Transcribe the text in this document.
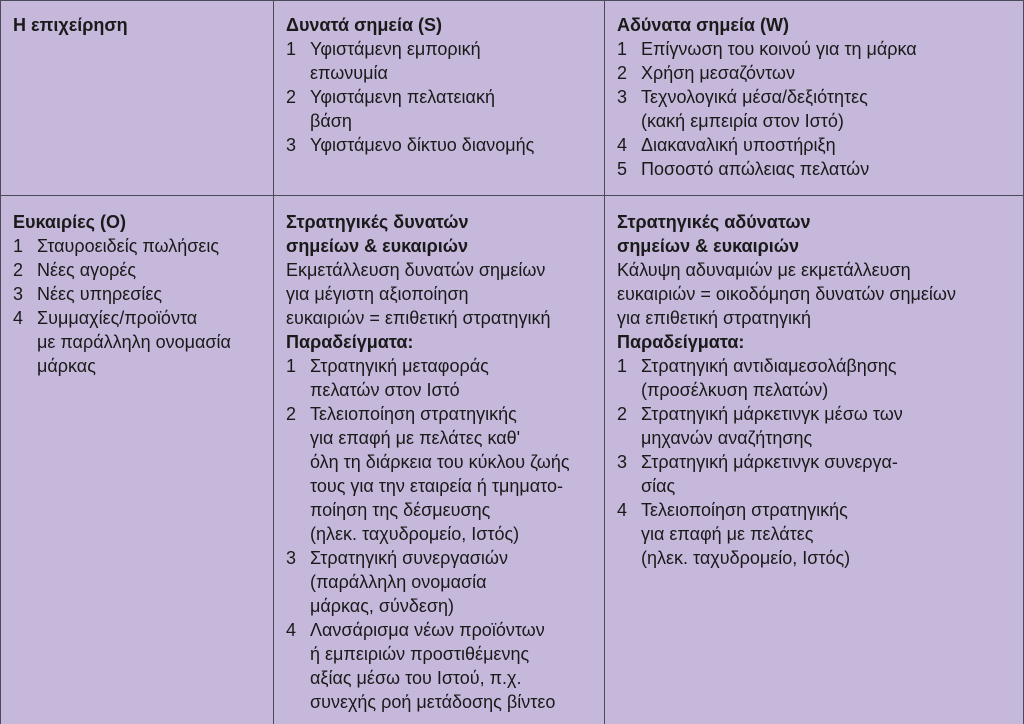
Η επιχείρηση	Δυνατά σημεία (S)
1 Υφιστάμενη εμπορική
επωνυμία
2 Υφιστάμενη πελατειακή
βάση
3 Υφιστάμενο δίκτυο διανομής
Αδύνατα σημεία (W)
1 Επίγνωση του κοινού για τη μάρκα
2 Χρήση μεσαζόντων
3 Τεχνολογικά μέσα/δεξιότητες
(κακή εμπειρία στον Ιστό)
4 Διακαναλική υποστήριξη
5 Ποσοστό απώλειας πελατών
Ευκαιρίες (O)
1 Σταυροειδείς πωλήσεις
2 Νέες αγορές
3 Νέες υπηρεσίες
4 Συμμαχίες/προϊόντα
με παράλληλη ονομασία
μάρκας
Στρατηγικές δυνατών
σημείων & ευκαιριών
Εκμετάλλευση δυνατών σημείων
για μέγιστη αξιοποίηση
ευκαιριών = επιθετική στρατηγική
Παραδείγματα:
1 Στρατηγική μεταφοράς
πελατών στον Ιστό
2 Τελειοποίηση στρατηγικής
για επαφή με πελάτες καθ'
όλη τη διάρκεια του κύκλου ζωής
τους για την εταιρεία ή τμηματο-
ποίηση της δέσμευσης
(ηλεκ. ταχυδρομείο, Ιστός)
3 Στρατηγική συνεργασιών
(παράλληλη ονομασία
μάρκας, σύνδεση)
4 Λανσάρισμα νέων προϊόντων
ή εμπειριών προστιθέμενης
αξίας μέσω του Ιστού, π.χ.
συνεχής ροή μετάδοσης βίντεο
Στρατηγικές αδύνατων
σημείων & ευκαιριών
Κάλυψη αδυναμιών με εκμετάλλευση
ευκαιριών = οικοδόμηση δυνατών σημείων
για επιθετική στρατηγική
Παραδείγματα:
1 Στρατηγική αντιδιαμεσολάβησης
(προσέλκυση πελατών)
2 Στρατηγική μάρκετινγκ μέσω των
μηχανών αναζήτησης
3 Στρατηγική μάρκετινγκ συνεργα-
σίας
4 Τελειοποίηση στρατηγικής
για επαφή με πελάτες
(ηλεκ. ταχυδρομείο, Ιστός)
